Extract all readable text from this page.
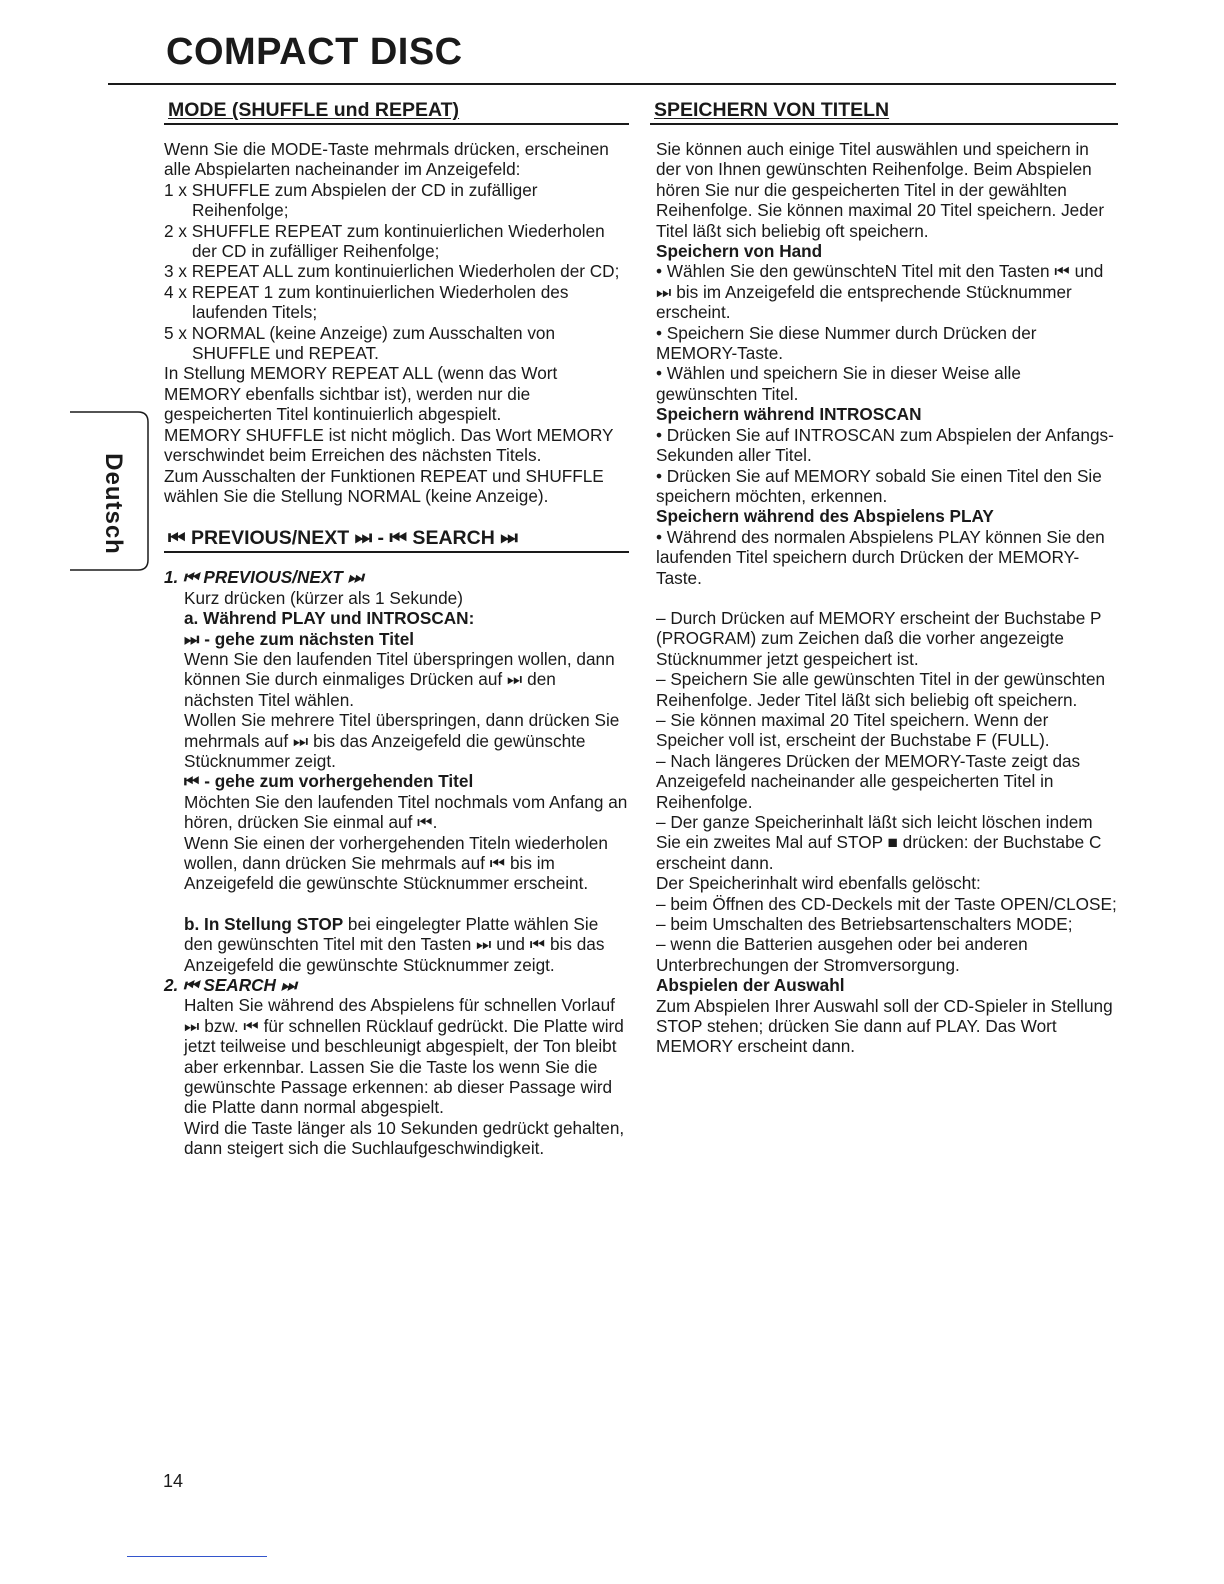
COMPACT DISC
Deutsch
MODE (SHUFFLE und REPEAT)

Wenn Sie die MODE-Taste mehrmals drücken, erscheinen alle Abspielarten nacheinander im Anzeigefeld:

1 x SHUFFLE zum Abspielen der CD in zufälliger Reihenfolge;

2 x SHUFFLE REPEAT zum kontinuierlichen Wiederholen der CD in zufälliger Reihenfolge;

3 x REPEAT ALL zum kontinuierlichen Wiederholen der CD;

4 x REPEAT 1 zum kontinuierlichen Wiederholen des laufenden Titels;

5 x NORMAL (keine Anzeige) zum Ausschalten von SHUFFLE und REPEAT.

In Stellung MEMORY REPEAT ALL (wenn das Wort MEMORY ebenfalls sichtbar ist), werden nur die gespeicherten Titel kontinuierlich abgespielt.

MEMORY SHUFFLE ist nicht möglich. Das Wort MEMORY verschwindet beim Erreichen des nächsten Titels.

Zum Ausschalten der Funktionen REPEAT und SHUFFLE wählen Sie die Stellung NORMAL (keine Anzeige).

⏮ PREVIOUS/NEXT ⏭ - ⏮ SEARCH ⏭

1. ⏮ PREVIOUS/NEXT ⏭

Kurz drücken (kürzer als 1 Sekunde)

a. Während PLAY und INTROSCAN:

⏭ - gehe zum nächsten Titel

Wenn Sie den laufenden Titel überspringen wollen, dann können Sie durch einmaliges Drücken auf ⏭ den nächsten Titel wählen.

Wollen Sie mehrere Titel überspringen, dann drücken Sie mehrmals auf ⏭ bis das Anzeigefeld die gewünschte Stücknummer zeigt.

⏮ - gehe zum vorhergehenden Titel

Möchten Sie den laufenden Titel nochmals vom Anfang an hören, drücken Sie einmal auf ⏮.

Wenn Sie einen der vorhergehenden Titeln wiederholen wollen, dann drücken Sie mehrmals auf ⏮ bis im Anzeigefeld die gewünschte Stücknummer erscheint.

b. In Stellung STOP bei eingelegter Platte wählen Sie den gewünschten Titel mit den Tasten ⏭ und ⏮ bis das Anzeigefeld die gewünschte Stücknummer zeigt.

2. ⏮ SEARCH ⏭

Halten Sie während des Abspielens für schnellen Vorlauf ⏭ bzw. ⏮ für schnellen Rücklauf gedrückt. Die Platte wird jetzt teilweise und beschleunigt abgespielt, der Ton bleibt aber erkennbar. Lassen Sie die Taste los wenn Sie die gewünschte Passage erkennen: ab dieser Passage wird die Platte dann normal abgespielt.

Wird die Taste länger als 10 Sekunden gedrückt gehalten, dann steigert sich die Suchlaufgeschwindigkeit.

SPEICHERN VON TITELN

Sie können auch einige Titel auswählen und speichern in der von Ihnen gewünschten Reihenfolge. Beim Abspielen hören Sie nur die gespeicherten Titel in der gewählten Reihenfolge. Sie können maximal 20 Titel speichern. Jeder Titel läßt sich beliebig oft speichern.

Speichern von Hand

• Wählen Sie den gewünschteN Titel mit den Tasten ⏮ und ⏭ bis im Anzeigefeld die entsprechende Stücknummer erscheint.

• Speichern Sie diese Nummer durch Drücken der MEMORY-Taste.

• Wählen und speichern Sie in dieser Weise alle gewünschten Titel.

Speichern während INTROSCAN

• Drücken Sie auf INTROSCAN zum Abspielen der Anfangs-Sekunden aller Titel.

• Drücken Sie auf MEMORY sobald Sie einen Titel den Sie speichern möchten, erkennen.

Speichern während des Abspielens PLAY

• Während des normalen Abspielens PLAY können Sie den laufenden Titel speichern durch Drücken der MEMORY-Taste.

– Durch Drücken auf MEMORY erscheint der Buchstabe P (PROGRAM) zum Zeichen daß die vorher angezeigte Stücknummer jetzt gespeichert ist.

– Speichern Sie alle gewünschten Titel in der gewünschten Reihenfolge. Jeder Titel läßt sich beliebig oft speichern.

– Sie können maximal 20 Titel speichern. Wenn der Speicher voll ist, erscheint der Buchstabe F (FULL).

– Nach längeres Drücken der MEMORY-Taste zeigt das Anzeigefeld nacheinander alle gespeicherten Titel in Reihenfolge.

– Der ganze Speicherinhalt läßt sich leicht löschen indem Sie ein zweites Mal auf STOP ■ drücken: der Buchstabe C erscheint dann.

Der Speicherinhalt wird ebenfalls gelöscht:

– beim Öffnen des CD-Deckels mit der Taste OPEN/CLOSE;

– beim Umschalten des Betriebsartenschalters MODE;

– wenn die Batterien ausgehen oder bei anderen Unterbrechungen der Stromversorgung.

Abspielen der Auswahl

Zum Abspielen Ihrer Auswahl soll der CD-Spieler in Stellung STOP stehen; drücken Sie dann auf PLAY. Das Wort MEMORY erscheint dann.

14
